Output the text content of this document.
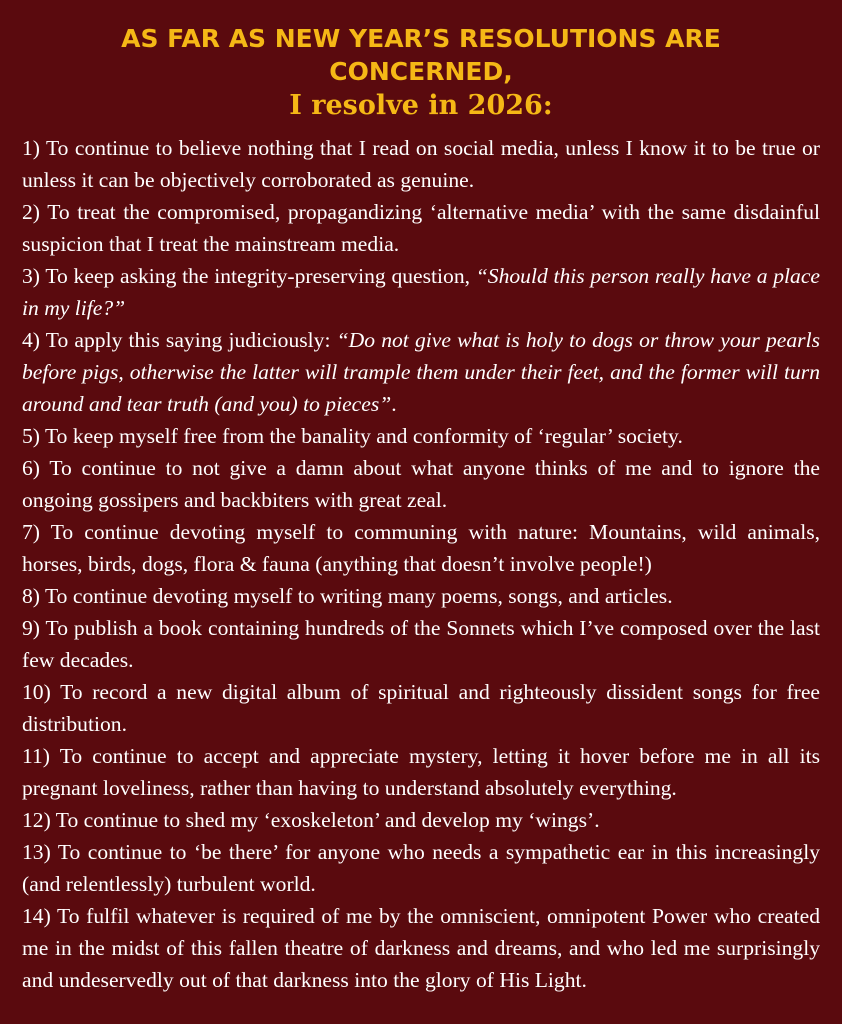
AS FAR AS NEW YEAR’S RESOLUTIONS ARE
CONCERNED,
I resolve in 2026:

1) To continue to believe nothing that I read on social media, unless I know it to be true or unless it can be objectively corroborated as genuine.

2) To treat the compromised, propagandizing ‘alternative media’ with the same disdainful suspicion that I treat the mainstream media.

3) To keep asking the integrity-preserving question, “Should this person really have a place in my life?”

4) To apply this saying judiciously: “Do not give what is holy to dogs or throw your pearls before pigs, otherwise the latter will trample them under their feet, and the former will turn around and tear truth (and you) to pieces”.

5) To keep myself free from the banality and conformity of ‘regular’ society.

6) To continue to not give a damn about what anyone thinks of me and to ignore the ongoing gossipers and backbiters with great zeal.

7) To continue devoting myself to communing with nature: Mountains, wild animals, horses, birds, dogs, flora & fauna (anything that doesn’t involve people!)

8) To continue devoting myself to writing many poems, songs, and articles.

9) To publish a book containing hundreds of the Sonnets which I’ve composed over the last few decades.

10) To record a new digital album of spiritual and righteously dissident songs for free distribution.

11) To continue to accept and appreciate mystery, letting it hover before me in all its pregnant loveliness, rather than having to understand absolutely everything.

12) To continue to shed my ‘exoskeleton’ and develop my ‘wings’.

13) To continue to ‘be there’ for anyone who needs a sympathetic ear in this increasingly (and relentlessly) turbulent world.

14) To fulfil whatever is required of me by the omniscient, omnipotent Power who created me in the midst of this fallen theatre of darkness and dreams, and who led me surprisingly and undeservedly out of that darkness into the glory of His Light.
